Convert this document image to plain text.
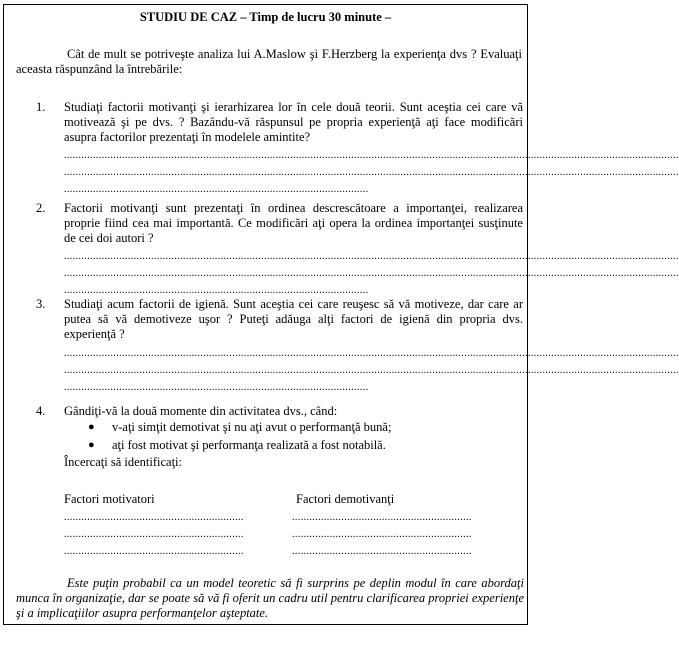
STUDIU DE CAZ – Timp de lucru 30 minute –
Cât de mult se potriveşte analiza lui A.Maslow şi F.Herzberg la experienţa dvs ? Evaluaţi aceasta răspunzând la întrebările:
1. Studiaţi factorii motivanţi şi ierarhizarea lor în cele două teorii. Sunt aceştia cei care vă motivează şi pe dvs. ? Bazându-vă răspunsul pe propria experienţă aţi face modificări asupra factorilor prezentaţi în modelele amintite?
....................................................................................................................................................................................................................
....................................................................................................................................................................................................................
.........................................................................................................
2. Factorii motivanţi sunt prezentaţi în ordinea descrescătoare a importanţei, realizarea proprie fiind cea mai importantă. Ce modificări aţi opera la ordinea importanţei susţinute de cei doi autori ?
....................................................................................................................................................................................................................
....................................................................................................................................................................................................................
.........................................................................................................
3. Studiaţi acum factorii de igienă. Sunt aceştia cei care reuşesc să vă motiveze, dar care ar putea să vă demotiveze uşor ? Puteţi adăuga alţi factori de igienă din propria dvs. experienţă ?
....................................................................................................................................................................................................................
....................................................................................................................................................................................................................
.........................................................................................................
4. Gândiţi-vă la două momente din activitatea dvs., când:
● v-aţi simţit demotivat şi nu aţi avut o performanţă bună;
● aţi fost motivat şi performanţa realizată a fost notabilă.
Încercaţi să identificaţi:
Factori motivatori	Factori demotivanţi
..............................................................
..............................................................
..............................................................
..............................................................
..............................................................
..............................................................
Este puţin probabil ca un model teoretic să fi surprins pe deplin modul în care abordaţi munca în organizaţie, dar se poate să vă fi oferit un cadru util pentru clarificarea propriei experienţe şi a implicaţiilor asupra performanţelor aşteptate.
